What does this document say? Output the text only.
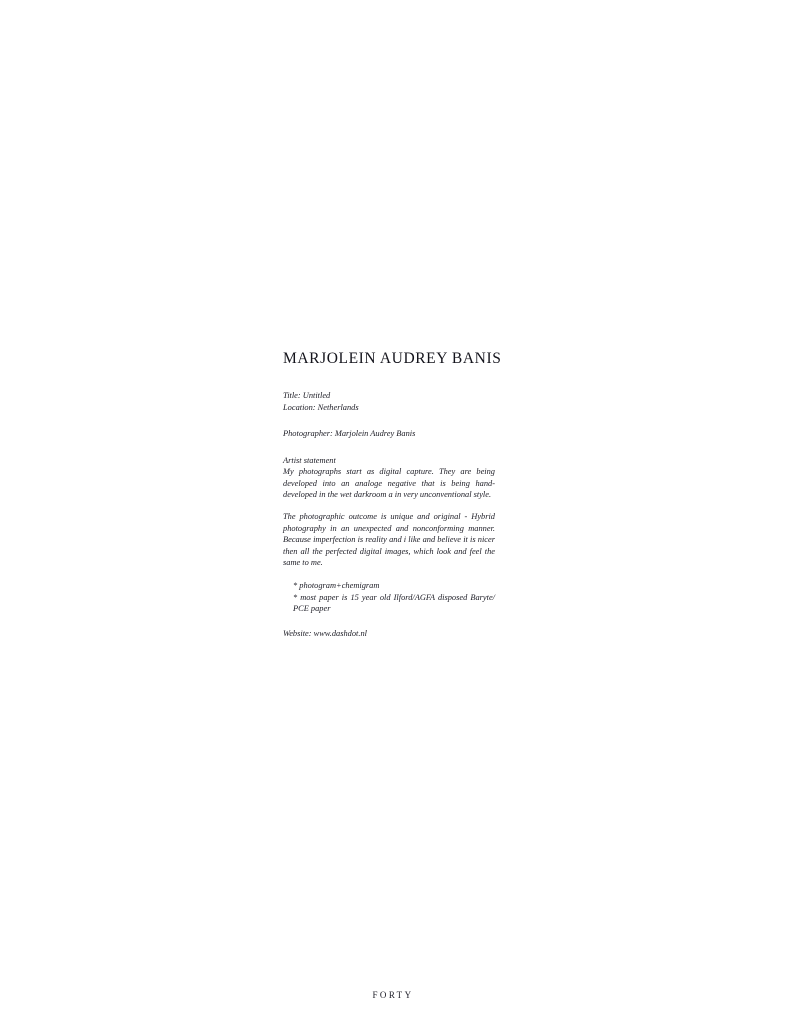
MARJOLEIN AUDREY BANIS
Title: Untitled
Location: Netherlands
Photographer: Marjolein Audrey Banis
Artist statement

My photographs start as digital capture. They are being developed into an analoge negative that is being hand-developed in the wet darkroom a in very unconventional style.

The photographic outcome is unique and original - Hybrid photography in an unexpected and nonconforming manner. Because imperfection is reality and i like and believe it is nicer then all the perfected digital images, which look and feel the same to me.

* photogram+chemigram
* most paper is 15 year old Ilford/AGFA disposed Baryte/ PCE paper
Website: www.dashdot.nl
FORTY
